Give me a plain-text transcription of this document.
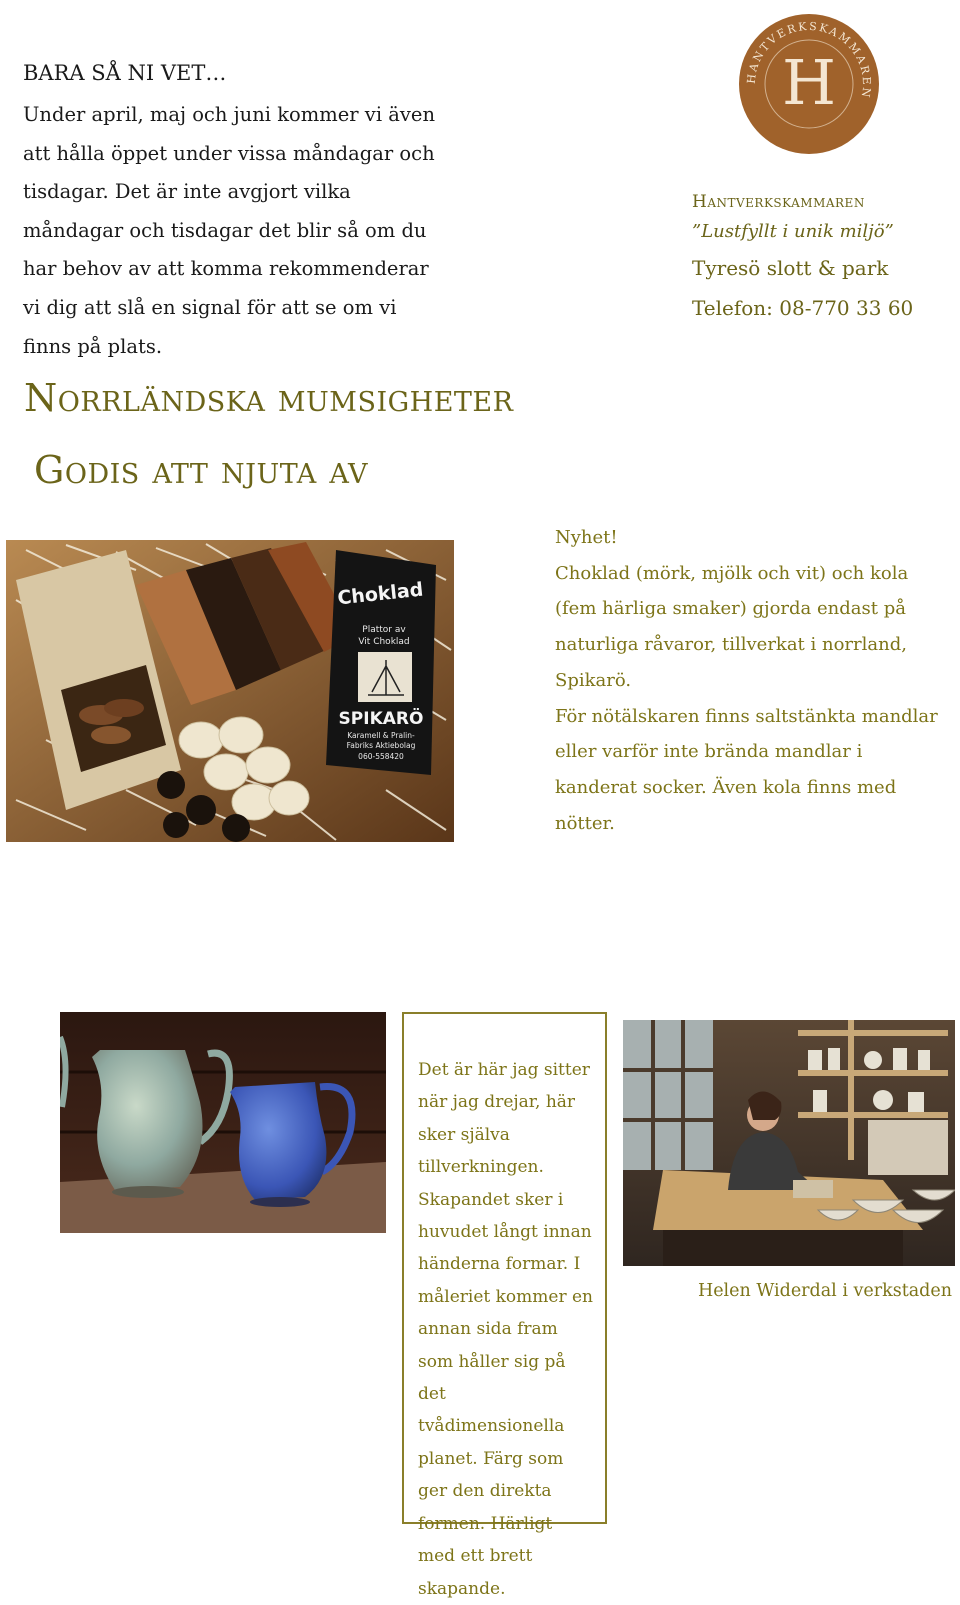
BARA SÅ NI VET…
Under april, maj och juni kommer vi även att hålla öppet under vissa måndagar och tisdagar. Det är inte avgjort vilka måndagar och tisdagar det blir så om du har behov av att komma rekommenderar vi dig att slå en signal för att se om vi finns på plats.
HANTVERKSKAMMAREN
H
Hantverkskammaren
”Lustfyllt i unik miljö”
Tyresö slott & park
Telefon: 08-770 33 60
Norrländska mumsigheter
Godis att njuta av
Choklad
Plattor av
Vit Choklad
SPIKARÖ
Karamell & Pralin-
Fabriks Aktiebolag
060-558420
Nyhet!
Choklad (mörk, mjölk och vit) och kola (fem härliga smaker) gjorda endast på naturliga råvaror, tillverkat i norrland, Spikarö.
För nötälskaren finns saltstänkta mandlar eller varför inte brända mandlar i kanderat socker. Även kola finns med nötter.
Det är här jag sitter när jag drejar, här sker själva tillverkningen. Skapandet sker i huvudet långt innan händerna formar. I måleriet kommer en annan sida fram som håller sig på det tvådimensionella planet. Färg som ger den direkta formen. Härligt med ett brett skapande.
Helen Widerdal i verkstaden
